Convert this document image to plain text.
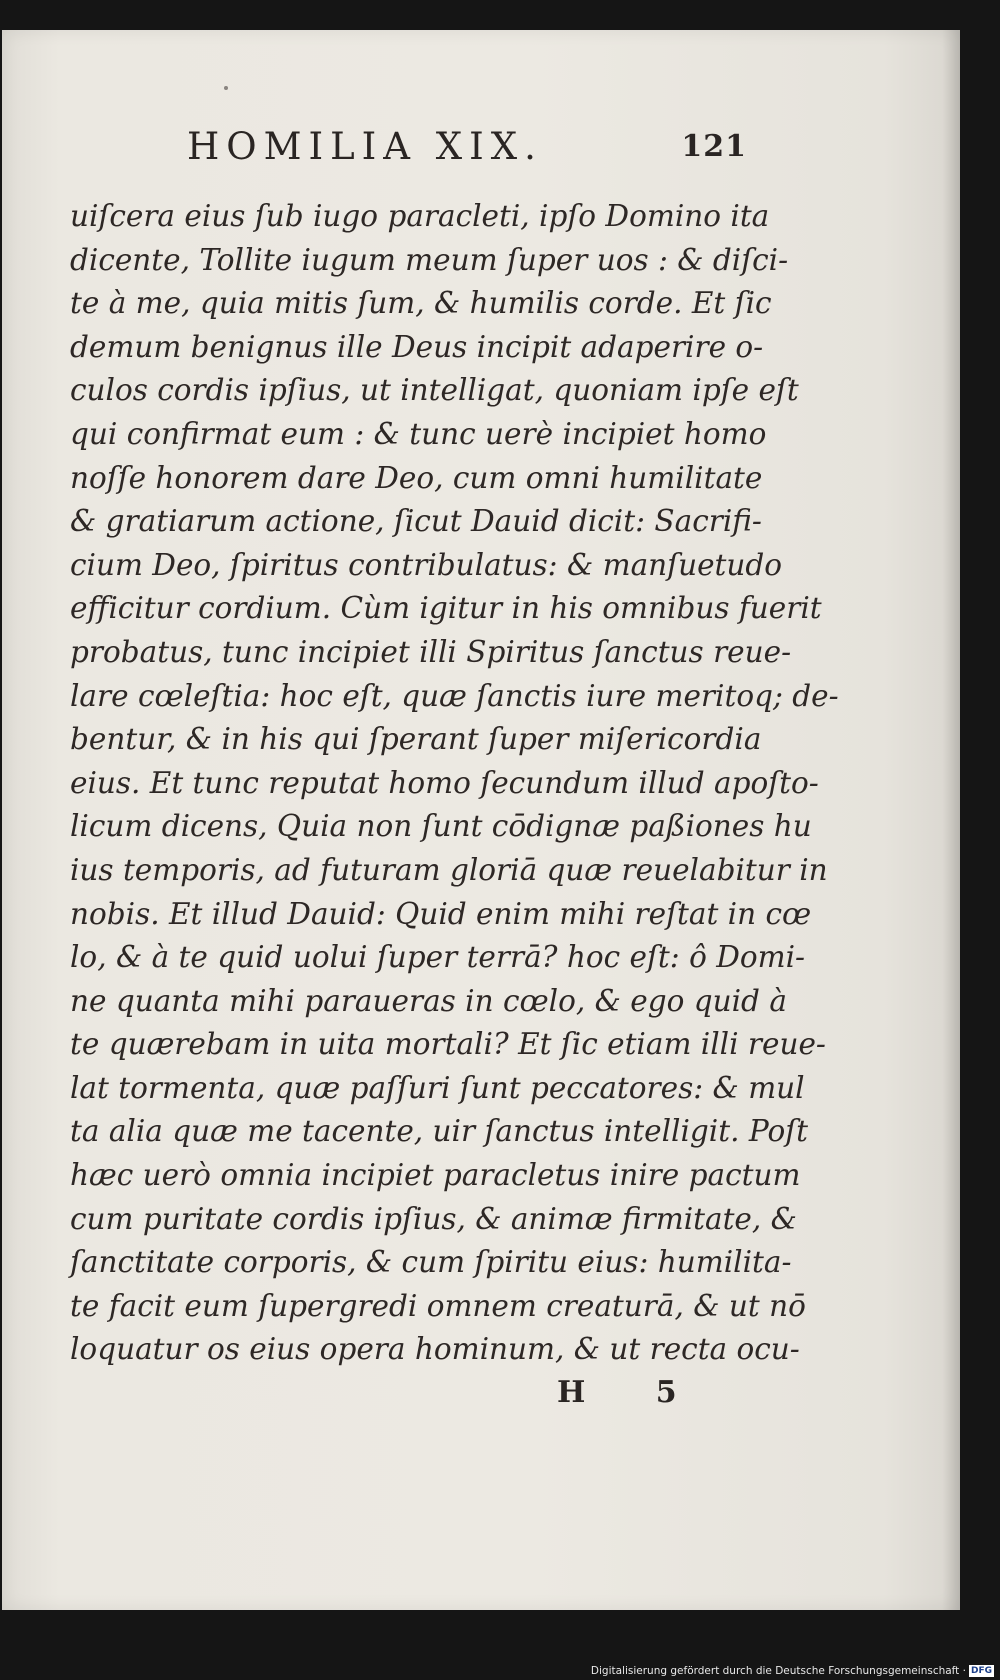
HOMILIA XIX.	121
uiſcera eius ſub iugo paracleti, ipſo Domino ita
dicente, Tollite iugum meum ſuper uos : & diſci-
te à me, quia mitis ſum, & humilis corde. Et ſic
demum benignus ille Deus incipit adaperire o-
culos cordis ipſius, ut intelligat, quoniam ipſe eſt
qui confirmat eum : & tunc uerè incipiet homo
noſſe honorem dare Deo, cum omni humilitate
& gratiarum actione, ſicut Dauid dicit: Sacrifi-
cium Deo, ſpiritus contribulatus: & manſuetudo
efficitur cordium. Cùm igitur in his omnibus fuerit
probatus, tunc incipiet illi Spiritus ſanctus reue-
lare cœleſtia: hoc eſt, quæ ſanctis iure meritoq; de-
bentur, & in his qui ſperant ſuper miſericordia
eius. Et tunc reputat homo ſecundum illud apoſto-
licum dicens, Quia non ſunt cōdignæ paßiones hu
ius temporis, ad futuram gloriā quæ reuelabitur in
nobis. Et illud Dauid: Quid enim mihi reſtat in cœ
lo, & à te quid uolui ſuper terrā? hoc eſt: ô Domi-
ne quanta mihi paraueras in cœlo, & ego quid à
te quærebam in uita mortali? Et ſic etiam illi reue-
lat tormenta, quæ paſſuri ſunt peccatores: & mul
ta alia quæ me tacente, uir ſanctus intelligit. Poſt
hæc uerò omnia incipiet paracletus inire pactum
cum puritate cordis ipſius, & animæ firmitate, &
ſanctitate corporis, & cum ſpiritu eius: humilita-
te facit eum ſupergredi omnem creaturā, & ut nō
loquatur os eius opera hominum, & ut recta ocu-
H 5
Digitalisierung gefördert durch die Deutsche Forschungsgemeinschaft · DFG
